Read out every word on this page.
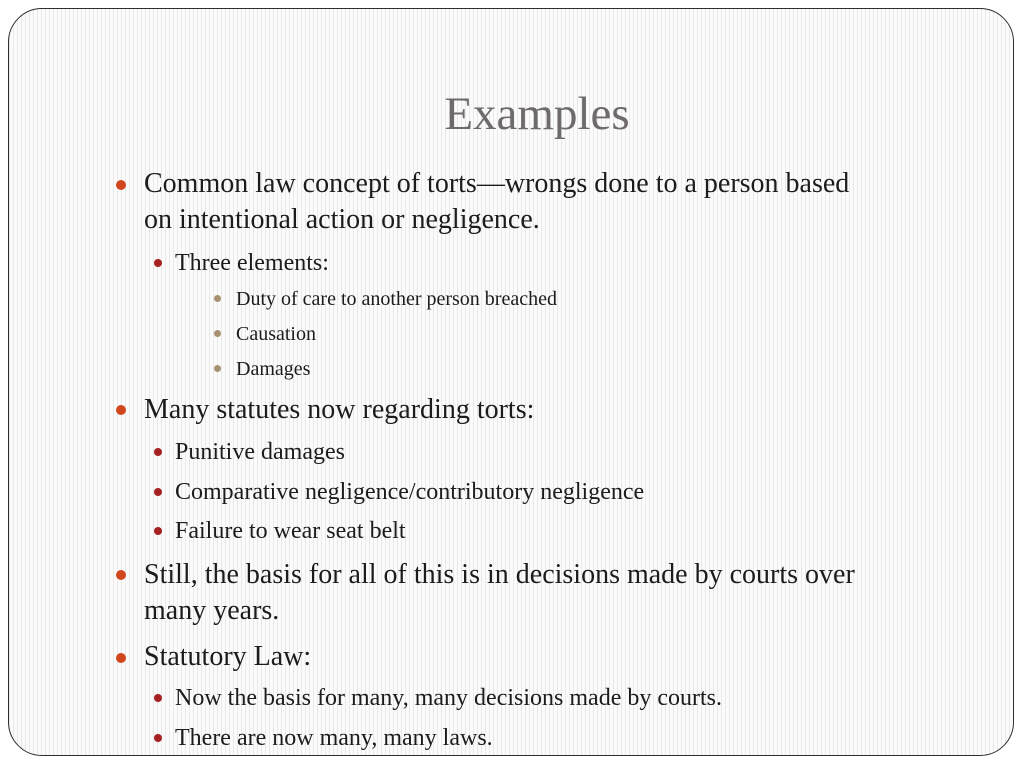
Examples
Common law concept of torts—wrongs done to a person based
on intentional action or negligence.
Three elements:
Duty of care to another person breached
Causation
Damages
Many statutes now regarding torts:
Punitive damages
Comparative negligence/contributory negligence
Failure to wear seat belt
Still, the basis for all of this is in decisions made by courts over
many years.
Statutory Law:
Now the basis for many, many decisions made by courts.
There are now many, many laws.
